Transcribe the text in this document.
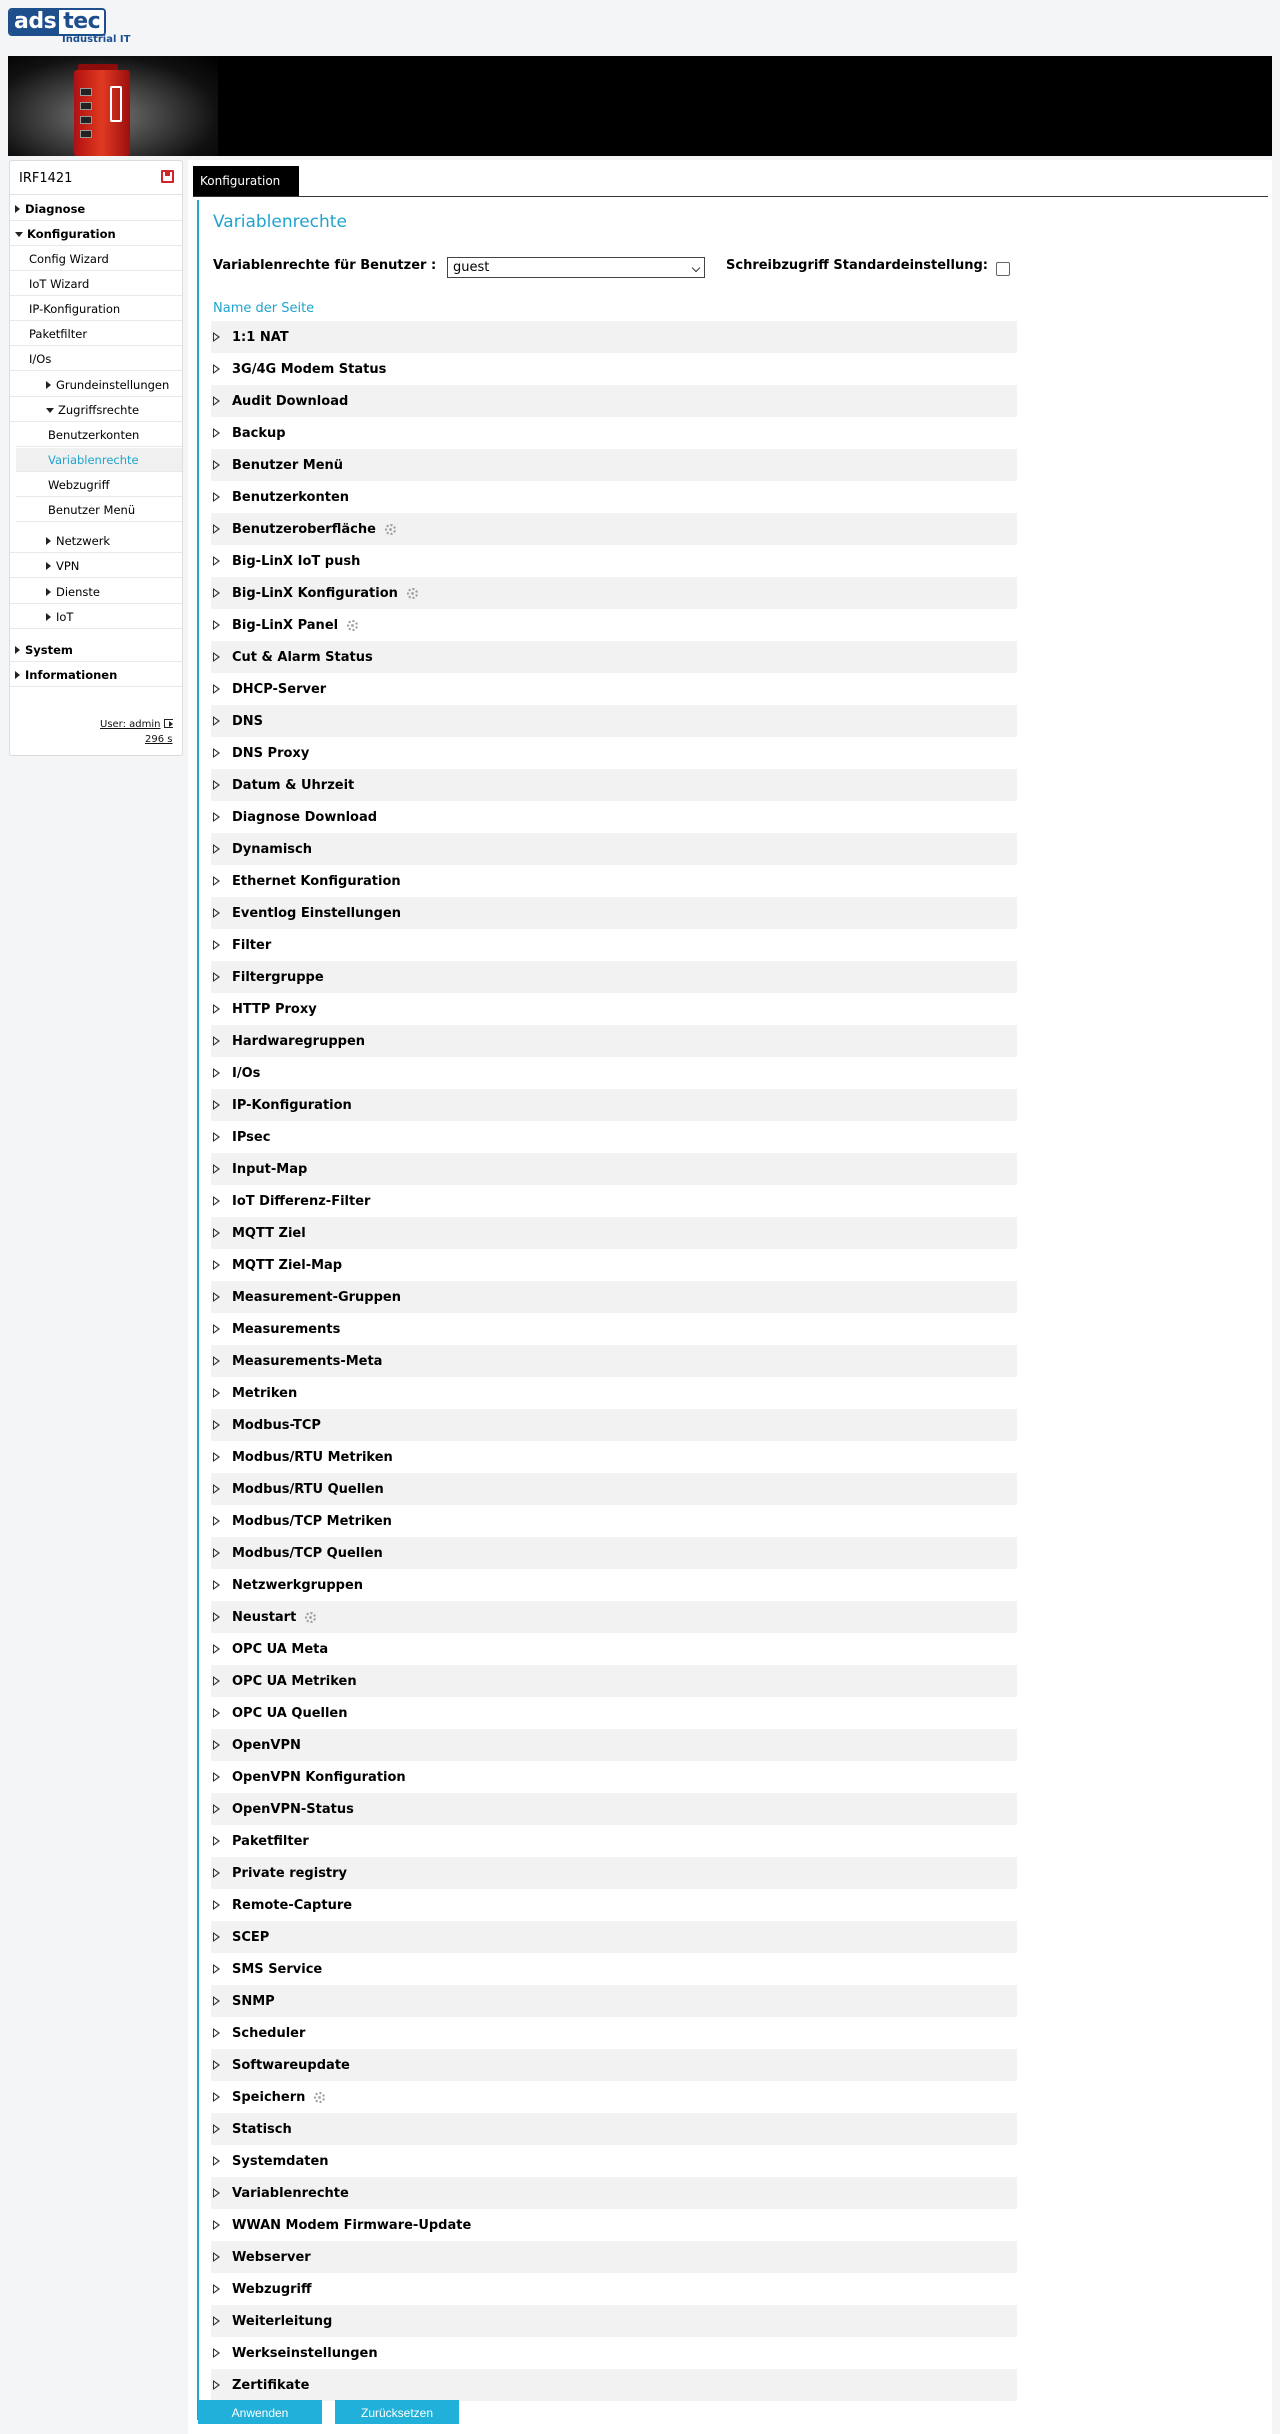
ads tec
Industrial IT
IRF1421
Diagnose
Konfiguration
Config Wizard
IoT Wizard
IP-Konfiguration
Paketfilter
I/Os
Grundeinstellungen
Zugriffsrechte
Benutzerkonten
Variablenrechte
Webzugriff
Benutzer Menü
Netzwerk
VPN
Dienste
IoT
System
Informationen
User: admin
296 s
Konfiguration
Variablenrechte
Variablenrechte für Benutzer :	guest	Schreibzugriff Standardeinstellung:
Name der Seite
1:1 NAT
3G/4G Modem Status
Audit Download
Backup
Benutzer Menü
Benutzerkonten
Benutzeroberfläche
Big-LinX IoT push
Big-LinX Konfiguration
Big-LinX Panel
Cut & Alarm Status
DHCP-Server
DNS
DNS Proxy
Datum & Uhrzeit
Diagnose Download
Dynamisch
Ethernet Konfiguration
Eventlog Einstellungen
Filter
Filtergruppe
HTTP Proxy
Hardwaregruppen
I/Os
IP-Konfiguration
IPsec
Input-Map
IoT Differenz-Filter
MQTT Ziel
MQTT Ziel-Map
Measurement-Gruppen
Measurements
Measurements-Meta
Metriken
Modbus-TCP
Modbus/RTU Metriken
Modbus/RTU Quellen
Modbus/TCP Metriken
Modbus/TCP Quellen
Netzwerkgruppen
Neustart
OPC UA Meta
OPC UA Metriken
OPC UA Quellen
OpenVPN
OpenVPN Konfiguration
OpenVPN-Status
Paketfilter
Private registry
Remote-Capture
SCEP
SMS Service
SNMP
Scheduler
Softwareupdate
Speichern
Statisch
Systemdaten
Variablenrechte
WWAN Modem Firmware-Update
Webserver
Webzugriff
Weiterleitung
Werkseinstellungen
Zertifikate
Anwenden	Zurücksetzen
